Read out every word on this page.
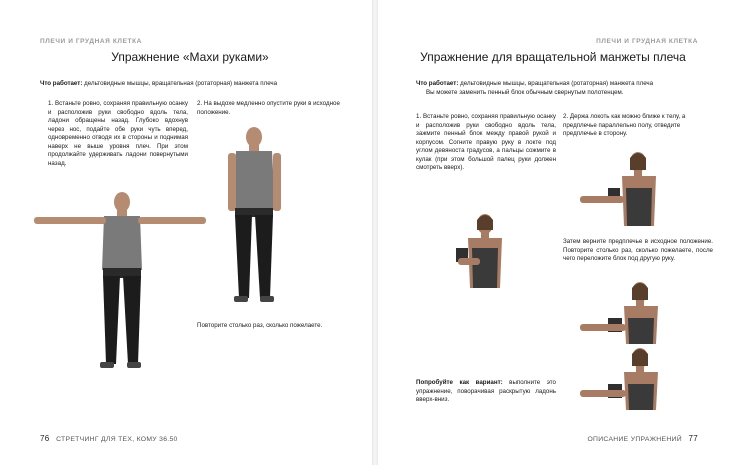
ПЛЕЧИ И ГРУДНАЯ КЛЕТКА
Упражнение «Махи руками»
Что работает: дельтовидные мышцы, вращательная (ротаторная) манжета плеча
1. Встаньте ровно, сохраняя правильную осанку и расположив руки свободно вдоль тела, ладони обращены назад. Глубоко вдохнув через нос, подайте обе руки чуть вперед, одновременно отводя их в стороны и поднимая наверх не выше уровня плеч. При этом продолжайте удерживать ладони повернутыми назад.
2. На выдохе медленно опустите руки в исходное положение.
Повторите столько раз, сколько пожелаете.
76 СТРЕТЧИНГ ДЛЯ ТЕХ, КОМУ 36.50
ПЛЕЧИ И ГРУДНАЯ КЛЕТКА
Упражнение для вращательной манжеты плеча
Что работает: дельтовидные мышцы, вращательная (ротаторная) манжета плеча
Вы можете заменить пенный блок обычным свернутым полотенцем.
1. Встаньте ровно, сохраняя правильную осанку и расположив руки свободно вдоль тела, зажмите пенный блок между правой рукой и корпусом. Согните правую руку в локте под углом девяноста градусов, а пальцы сожмите в кулак (при этом большой палец руки должен смотреть вверх).
2. Держа локоть как можно ближе к телу, а предплечье параллельно полу, отведите предплечье в сторону.
Затем верните предплечье в исходное положение. Повторите столько раз, сколько пожелаете, после чего переложите блок под другую руку.
Попробуйте как вариант: выполните это упражнение, поворачивая раскрытую ладонь вверх-вниз.
ОПИСАНИЕ УПРАЖНЕНИЙ 77
